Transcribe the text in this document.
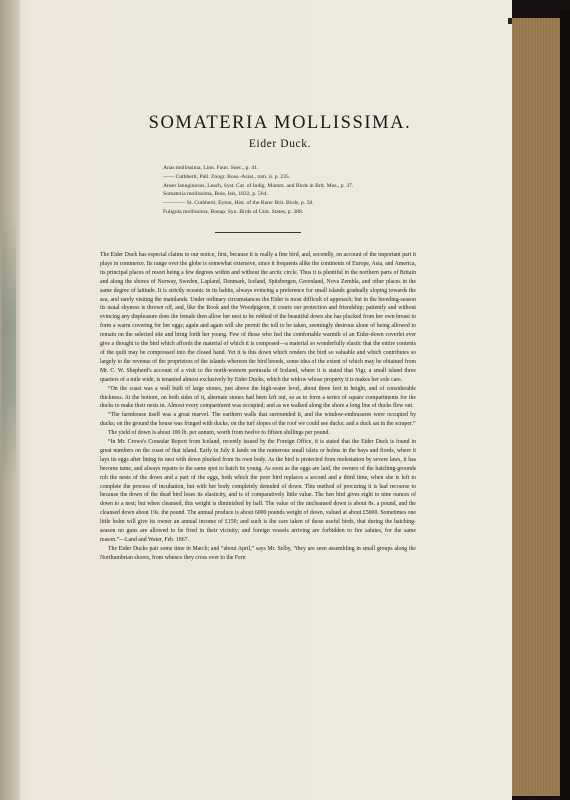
SOMATERIA MOLLISSIMA.
Eider Duck.
Anas mollissima, Linn. Faun. Suec., p. 41.
—— Cuthberti, Pall. Zoogr. Ross.-Asiat., tom. ii. p. 235.
Anser lanuginosus, Leach, Syst. Cat. of Indig. Mamm. and Birds in Brit. Mus., p. 37.
Somateria mollissima, Boie, Isis, 1822, p. 564.
———— St. Cuthberti, Eyton, Hist. of the Rarer Brit. Birds, p. 58.
Fuligula mollissima, Bonap. Syn. Birds of Unit. States, p. 388.

The Eider Duck has especial claims to our notice, first, because it is really a fine bird, and, secondly, on account of the important part it plays in commerce. Its range over the globe is somewhat extensive, since it frequents alike the continents of Europe, Asia, and America, its principal places of resort being a few degrees within and without the arctic circle. Thus it is plentiful in the northern parts of Britain and along the shores of Norway, Sweden, Lapland, Denmark, Iceland, Spitsbergen, Greenland, Nova Zembla, and other places in the same degree of latitude. It is strictly oceanic in its habits, always evincing a preference for small islands gradually sloping towards the sea, and rarely visiting the mainlands. Under ordinary circumstances the Eider is most difficult of approach; but in the breeding-season its usual shyness is thrown off, and, like the Rook and the Woodpigeon, it courts our protection and friendship; patiently and without evincing any displeasure does the female then allow her nest to be robbed of the beautiful down she has plucked from her own breast to form a warm covering for her eggs; again and again will she permit the toll to be taken, seemingly desirous alone of being allowed to remain on the selected site and bring forth her young. Few of those who feel the comfortable warmth of an Eider-down coverlet ever give a thought to the bird which affords the material of which it is composed—a material so wonderfully elastic that the entire contents of the quilt may be compressed into the closed hand. Yet it is this down which renders the bird so valuable and which contributes so largely to the revenue of the proprietors of the islands whereon the bird breeds, some idea of the extent of which may be obtained from Mr. C. W. Shepherd's account of a visit to the north-western peninsula of Iceland, where it is stated that Vigr, a small island three quarters of a mile wide, is tenanted almost exclusively by Eider Ducks, which the widow whose property it is makes her sole care.

“On the coast was a wall built of large stones, just above the high-water level, about three feet in height, and of considerable thickness. At the bottom, on both sides of it, alternate stones had been left out, so as to form a series of square compartments for the ducks to make their nests in. Almost every compartment was occupied; and as we walked along the shore a long line of ducks flew out.

“The farmhouse itself was a great marvel. The earthern walls that surrounded it, and the window-embrasures were occupied by ducks; on the ground the house was fringed with ducks; on the turf slopes of the roof we could see ducks; and a duck sat in the scraper.”

The yield of down is about 100 lb. per annum, worth from twelve to fifteen shillings per pound.

“In Mr. Crowe's Consular Report from Iceland, recently issued by the Foreign Office, it is stated that the Eider Duck is found in great numbers on the coast of that island. Early in July it lands on the numerous small islets or holms in the bays and fiords, where it lays its eggs after lining its nest with down plucked from its own body. As the bird is protected from molestation by severe laws, it has become tame, and always repairs to the same spot to hatch its young. As soon as the eggs are laid, the owners of the hatching-grounds rob the nests of the down and a part of the eggs, both which the poor bird replaces a second and a third time, when she is left to complete the process of incubation, but with her body completely denuded of down. This method of procuring it is had recourse to because the down of the dead bird loses its elasticity, and is of comparatively little value. The hen bird gives eight to nine ounces of down to a nest; but when cleansed, this weight is diminished by half. The value of the uncleansed down is about 8s. a pound, and the cleansed down about 19s. the pound. The annual produce is about 6000 pounds weight of down, valued at about £5000. Sometimes one little holm will give its owner an annual income of £150; and such is the care taken of these useful birds, that during the hatching-season no guns are allowed to be fired in their vicinity; and foreign vessels arriving are forbidden to fire salutes, for the same reason.”—Land and Water, Feb. 1867.

The Eider Ducks pair some time in March; and “about April,” says Mr. Selby, “they are seen assembling in small groups along the Northumbrian shores, from whence they cross over to the Fern
